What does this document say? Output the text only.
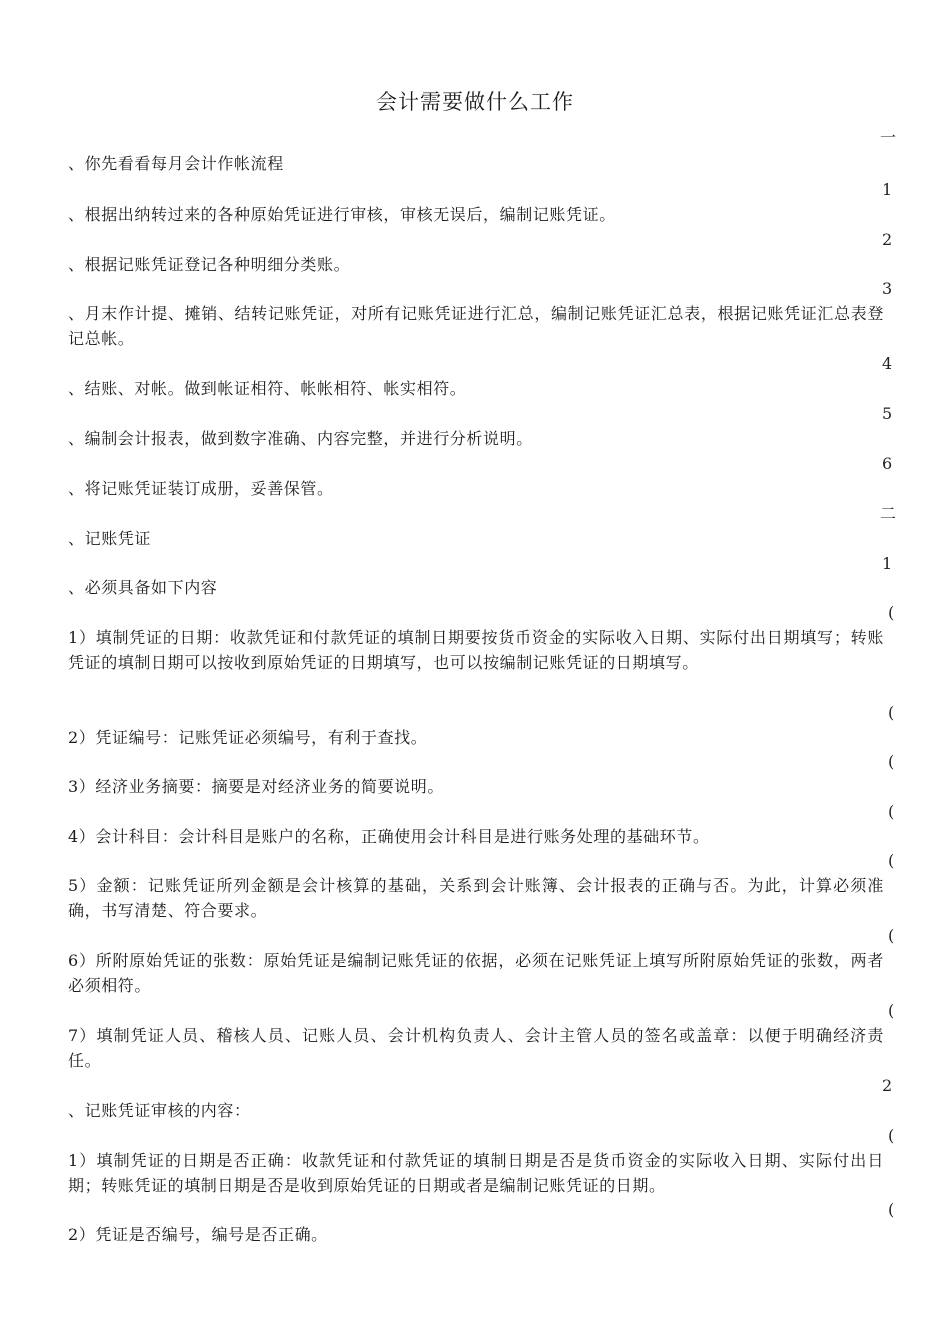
会计需要做什么工作
一
1
2
3
4
5
6
二
1
(
(
(
(
(
(
(
2
(
(
、你先看看每月会计作帐流程
、根据出纳转过来的各种原始凭证进行审核，审核无误后，编制记账凭证。
、根据记账凭证登记各种明细分类账。
、月末作计提、摊销、结转记账凭证，对所有记账凭证进行汇总，编制记账凭证汇总表，根据记账凭证汇总表登记总帐。
、结账、对帐。做到帐证相符、帐帐相符、帐实相符。
、编制会计报表，做到数字准确、内容完整，并进行分析说明。
、将记账凭证装订成册，妥善保管。
、记账凭证
、必须具备如下内容
1）填制凭证的日期：收款凭证和付款凭证的填制日期要按货币资金的实际收入日期、实际付出日期填写；转账凭证的填制日期可以按收到原始凭证的日期填写，也可以按编制记账凭证的日期填写。
2）凭证编号：记账凭证必须编号，有利于查找。
3）经济业务摘要：摘要是对经济业务的简要说明。
4）会计科目：会计科目是账户的名称，正确使用会计科目是进行账务处理的基础环节。
5）金额：记账凭证所列金额是会计核算的基础，关系到会计账簿、会计报表的正确与否。为此，计算必须准确，书写清楚、符合要求。
6）所附原始凭证的张数：原始凭证是编制记账凭证的依据，必须在记账凭证上填写所附原始凭证的张数，两者必须相符。
7）填制凭证人员、稽核人员、记账人员、会计机构负责人、会计主管人员的签名或盖章：以便于明确经济责任。
、记账凭证审核的内容：
1）填制凭证的日期是否正确：收款凭证和付款凭证的填制日期是否是货币资金的实际收入日期、实际付出日期；转账凭证的填制日期是否是收到原始凭证的日期或者是编制记账凭证的日期。
2）凭证是否编号，编号是否正确。
